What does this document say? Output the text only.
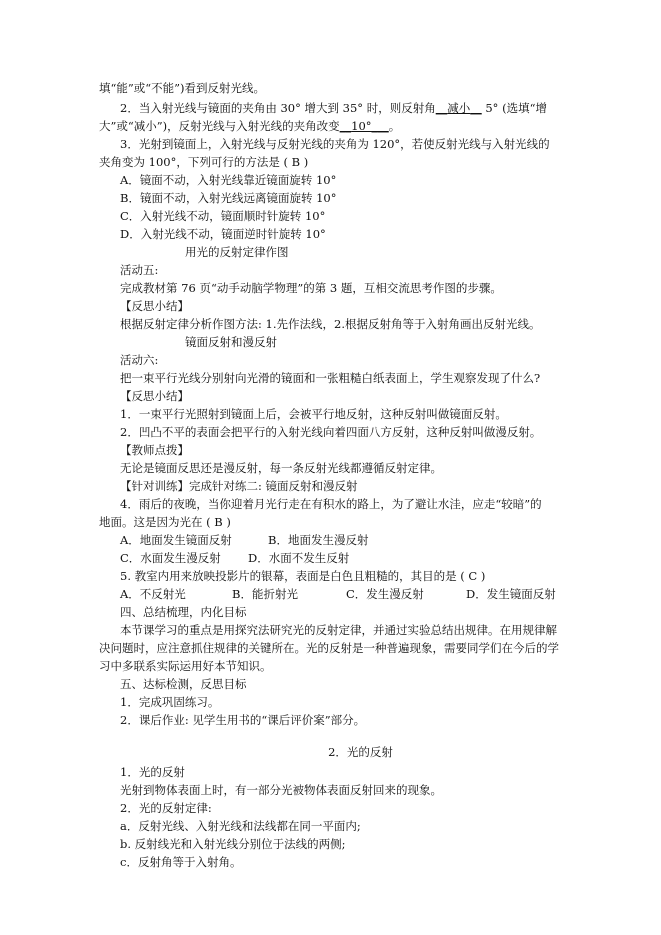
填“能”或“不能”)看到反射光线。
2．当入射光线与镜面的夹角由 30° 增大到 35° 时，则反射角__减小__ 5° (选填“增
大”或“减小”)，反射光线与入射光线的夹角改变__10°___。
3．光射到镜面上，入射光线与反射光线的夹角为 120°，若使反射光线与入射光线的
夹角变为 100°，下列可行的方法是 ( B )
A．镜面不动，入射光线靠近镜面旋转 10°
B．镜面不动，入射光线远离镜面旋转 10°
C．入射光线不动，镜面顺时针旋转 10°
D．入射光线不动，镜面逆时针旋转 10°
用光的反射定律作图
活动五:
完成教材第 76 页“动手动脑学物理”的第 3 题，互相交流思考作图的步骤。
【反思小结】
根据反射定律分析作图方法: 1.先作法线，2.根据反射角等于入射角画出反射光线。
镜面反射和漫反射
活动六:
把一束平行光线分别射向光滑的镜面和一张粗糙白纸表面上，学生观察发现了什么?
【反思小结】
1．一束平行光照射到镜面上后，会被平行地反射，这种反射叫做镜面反射。
2．凹凸不平的表面会把平行的入射光线向着四面八方反射，这种反射叫做漫反射。
【教师点拨】
无论是镜面反思还是漫反射，每一条反射光线都遵循反射定律。
【针对训练】完成针对练二: 镜面反射和漫反射
4．雨后的夜晚，当你迎着月光行走在有积水的路上，为了避让水洼，应走“较暗”的
地面。这是因为光在 ( B )
A．地面发生镜面反射	B．地面发生漫反射
C．水面发生漫反射 D．水面不发生反射
5. 教室内用来放映投影片的银幕，表面是白色且粗糙的，其目的是 ( C )
A．不反射光	B．能折射光	C．发生漫反射	D．发生镜面反射
四、总结梳理，内化目标
本节课学习的重点是用探究法研究光的反射定律，并通过实验总结出规律。在用规律解
决问题时，应注意抓住规律的关键所在。光的反射是一种普遍现象，需要同学们在今后的学
习中多联系实际运用好本节知识。
五、达标检测，反思目标
1．完成巩固练习。
2．课后作业: 见学生用书的“课后评价案”部分。
2．光的反射
1．光的反射
光射到物体表面上时，有一部分光被物体表面反射回来的现象。
2．光的反射定律:
a．反射光线、入射光线和法线都在同一平面内;
b. 反射线光和入射光线分别位于法线的两侧;
c．反射角等于入射角。
